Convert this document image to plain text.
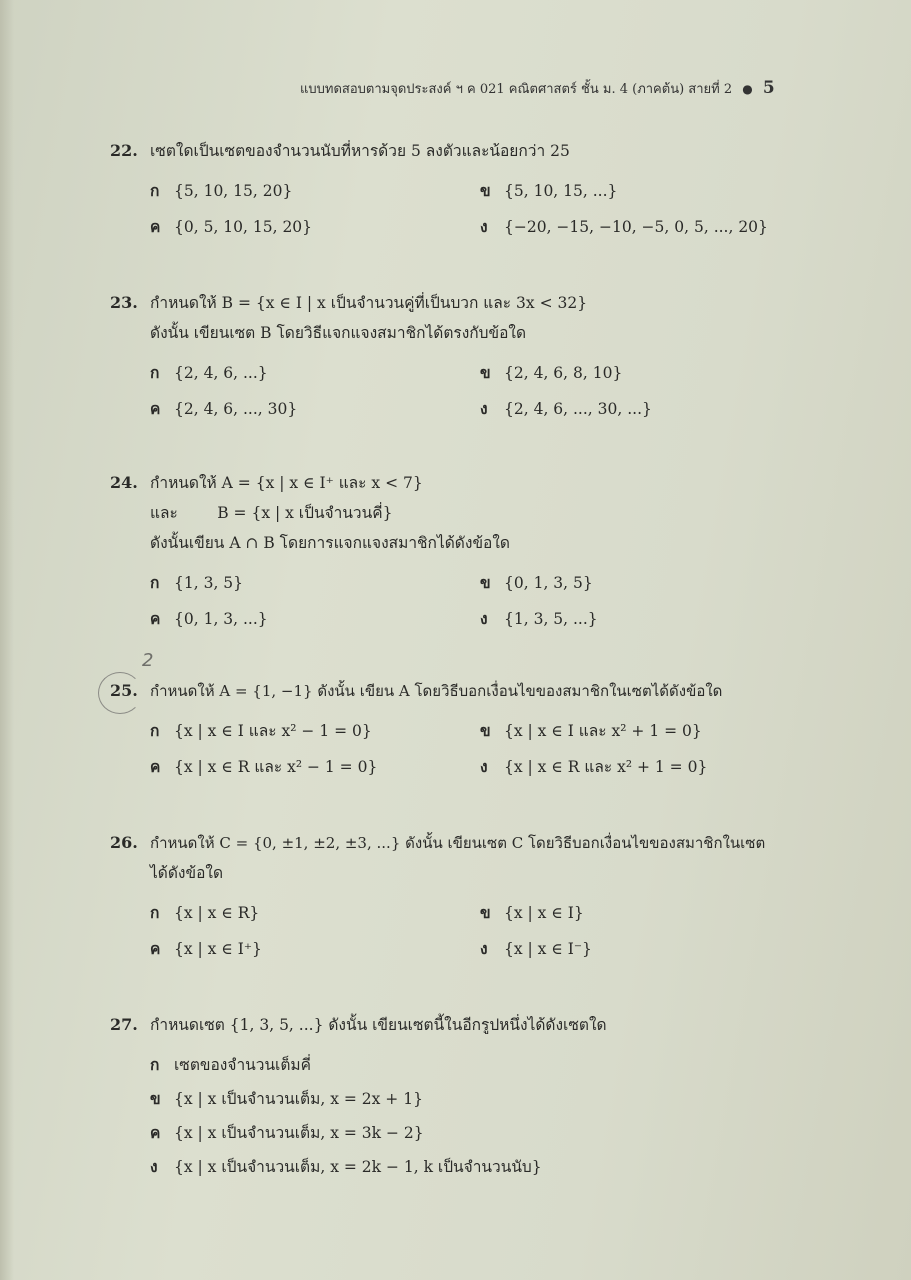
แบบทดสอบตามจุดประสงค์ ฯ ค 021 คณิตศาสตร์ ชั้น ม. 4 (ภาคต้น) สายที่ 2 ● 5
2
22. เซตใดเป็นเซตของจำนวนนับที่หารด้วย 5 ลงตัวและน้อยกว่า 25
ก {5, 10, 15, 20}	ข {5, 10, 15, ...}
ค {0, 5, 10, 15, 20}	ง {−20, −15, −10, −5, 0, 5, ..., 20}
23. กำหนดให้ B = {x ∈ I | x เป็นจำนวนคู่ที่เป็นบวก และ 3x < 32}
ดังนั้น เขียนเซต B โดยวิธีแจกแจงสมาชิกได้ตรงกับข้อใด
ก {2, 4, 6, ...}	ข {2, 4, 6, 8, 10}
ค {2, 4, 6, ..., 30}	ง {2, 4, 6, ..., 30, ...}
24. กำหนดให้ A = {x | x ∈ I⁺ และ x < 7}
และ        B = {x | x เป็นจำนวนคี่}
ดังนั้นเขียน A ∩ B โดยการแจกแจงสมาชิกได้ดังข้อใด
ก {1, 3, 5}	ข {0, 1, 3, 5}
ค {0, 1, 3, ...}	ง {1, 3, 5, ...}
25. กำหนดให้ A = {1, −1} ดังนั้น เขียน A โดยวิธีบอกเงื่อนไขของสมาชิกในเซตได้ดังข้อใด
ก {x | x ∈ I และ x² − 1 = 0}	ข {x | x ∈ I และ x² + 1 = 0}
ค {x | x ∈ R และ x² − 1 = 0}	ง {x | x ∈ R และ x² + 1 = 0}
26. กำหนดให้ C = {0, ±1, ±2, ±3, ...} ดังนั้น เขียนเซต C โดยวิธีบอกเงื่อนไขของสมาชิกในเซต
ได้ดังข้อใด
ก {x | x ∈ R}	ข {x | x ∈ I}
ค {x | x ∈ I⁺}	ง {x | x ∈ I⁻}
27. กำหนดเซต {1, 3, 5, ...} ดังนั้น เขียนเซตนี้ในอีกรูปหนึ่งได้ดังเซตใด
ก เซตของจำนวนเต็มคี่
ข {x | x เป็นจำนวนเต็ม, x = 2x + 1}
ค {x | x เป็นจำนวนเต็ม, x = 3k − 2}
ง {x | x เป็นจำนวนเต็ม, x = 2k − 1, k เป็นจำนวนนับ}
